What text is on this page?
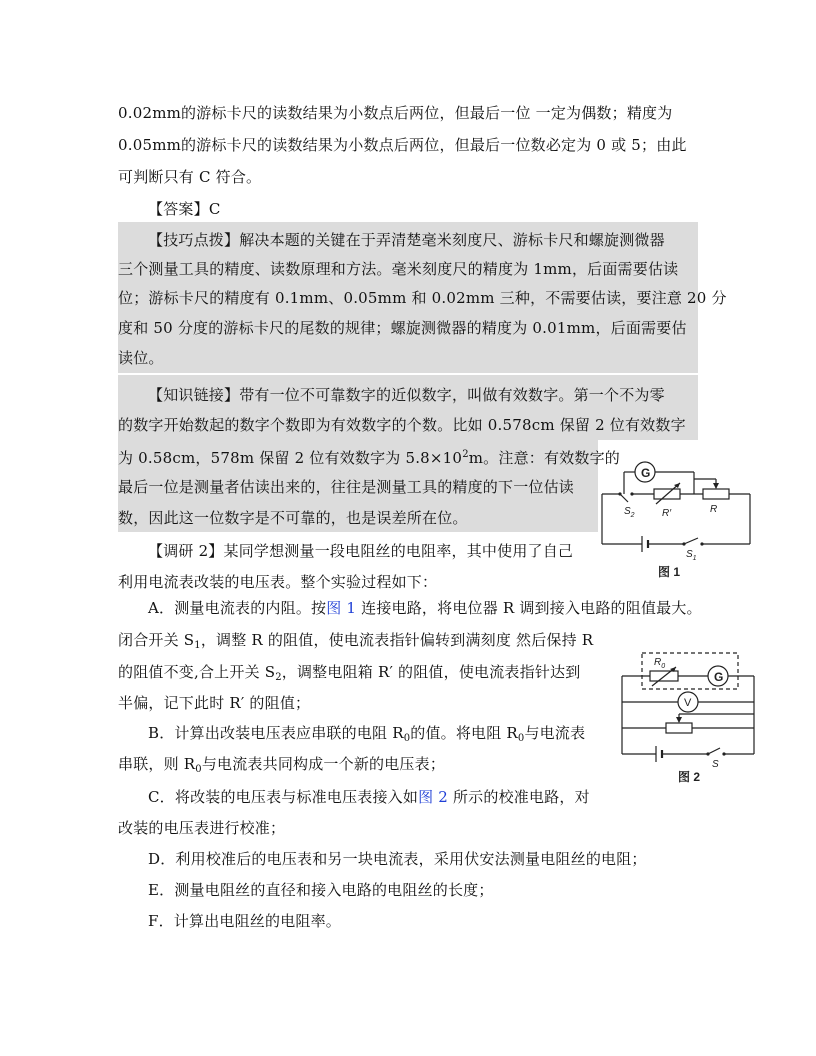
0.02mm的游标卡尺的读数结果为小数点后两位，但最后一位 一定为偶数；精度为
0.05mm的游标卡尺的读数结果为小数点后两位，但最后一位数必定为 0 或 5；由此
可判断只有 C 符合。
【答案】C
【技巧点拨】解决本题的关键在于弄清楚毫米刻度尺、游标卡尺和螺旋测微器
三个测量工具的精度、读数原理和方法。毫米刻度尺的精度为 1mm，后面需要估读
位；游标卡尺的精度有 0.1mm、0.05mm 和 0.02mm 三种，不需要估读，要注意 20 分
度和 50 分度的游标卡尺的尾数的规律；螺旋测微器的精度为 0.01mm，后面需要估
读位。
【知识链接】带有一位不可靠数字的近似数字，叫做有效数字。第一个不为零
的数字开始数起的数字个数即为有效数字的个数。比如 0.578cm 保留 2 位有效数字
为 0.58cm，578m 保留 2 位有效数字为 $5.8\times 10^2m$。注意：有效数字的
最后一位是测量者估读出来的，往往是测量工具的精度的下一位估读
数，因此这一位数字是不可靠的，也是误差所在位。
【调研 2】某同学想测量一段电阻丝的电阻率，其中使用了自己
利用电流表改装的电压表。整个实验过程如下：
A．测量电流表的内阻。按图 1 连接电路，将电位器 R 调到接入电路的阻值最大。
闭合开关 $S_1$，调整 R 的阻值，使电流表指针偏转到满刻度 然后保持 R
的阻值不变,合上开关 $S_2$，调整电阻箱 R′ 的阻值，使电流表指针达到
半偏，记下此时 R′ 的阻值；
B．计算出改装电压表应串联的电阻 $R_0$的值。将电阻 $R_0$与电流表
串联，则 $R_0$与电流表共同构成一个新的电压表；
C．将改装的电压表与标准电压表接入如图 2 所示的校准电路，对
改装的电压表进行校准；
D．利用校准后的电压表和另一块电流表，采用伏安法测量电阻丝的电阻；
E．测量电阻丝的直径和接入电路的电阻丝的长度；
F．计算出电阻丝的电阻率。
G
$S_2$	R′	R
$S_1$
图 1
$R_0$
G
V
S
图 2
